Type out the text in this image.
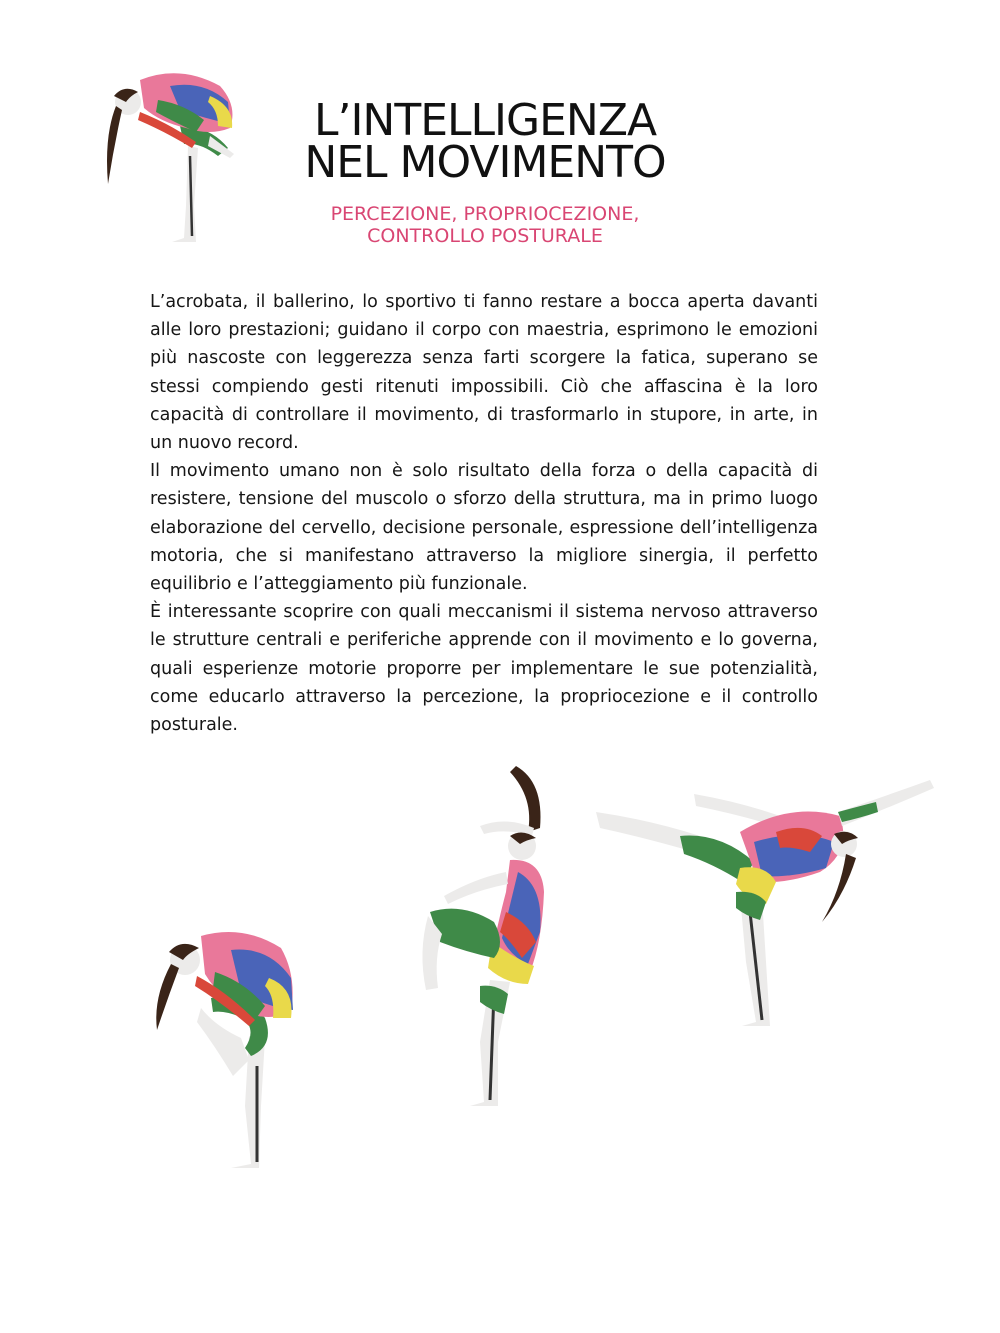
L’INTELLIGENZA
NEL MOVIMENTO
PERCEZIONE, PROPRIOCEZIONE,
CONTROLLO POSTURALE

L’acrobata, il ballerino, lo sportivo ti fanno restare a bocca aperta davanti alle loro prestazioni; guidano il corpo con maestria, esprimono le emozioni più nascoste con leggerezza senza farti scorgere la fatica, superano se stessi compiendo gesti ritenuti impossibili. Ciò che affascina è la loro capacità di controllare il movimento, di trasformarlo in stupore, in arte, in un nuovo record.

Il movimento umano non è solo risultato della forza o della capacità di resistere, tensione del muscolo o sforzo della struttura, ma in primo luogo elaborazione del cervello, decisione personale, espressione dell’intelligenza motoria, che si manifestano attraverso la migliore sinergia, il perfetto equilibrio e l’atteggiamento più funzionale.

È interessante scoprire con quali meccanismi il sistema nervoso attraverso le strutture centrali e periferiche apprende con il movimento e lo governa, quali esperienze motorie proporre per implementare le sue potenzialità, come educarlo attraverso la percezione, la propriocezione e il controllo posturale.
